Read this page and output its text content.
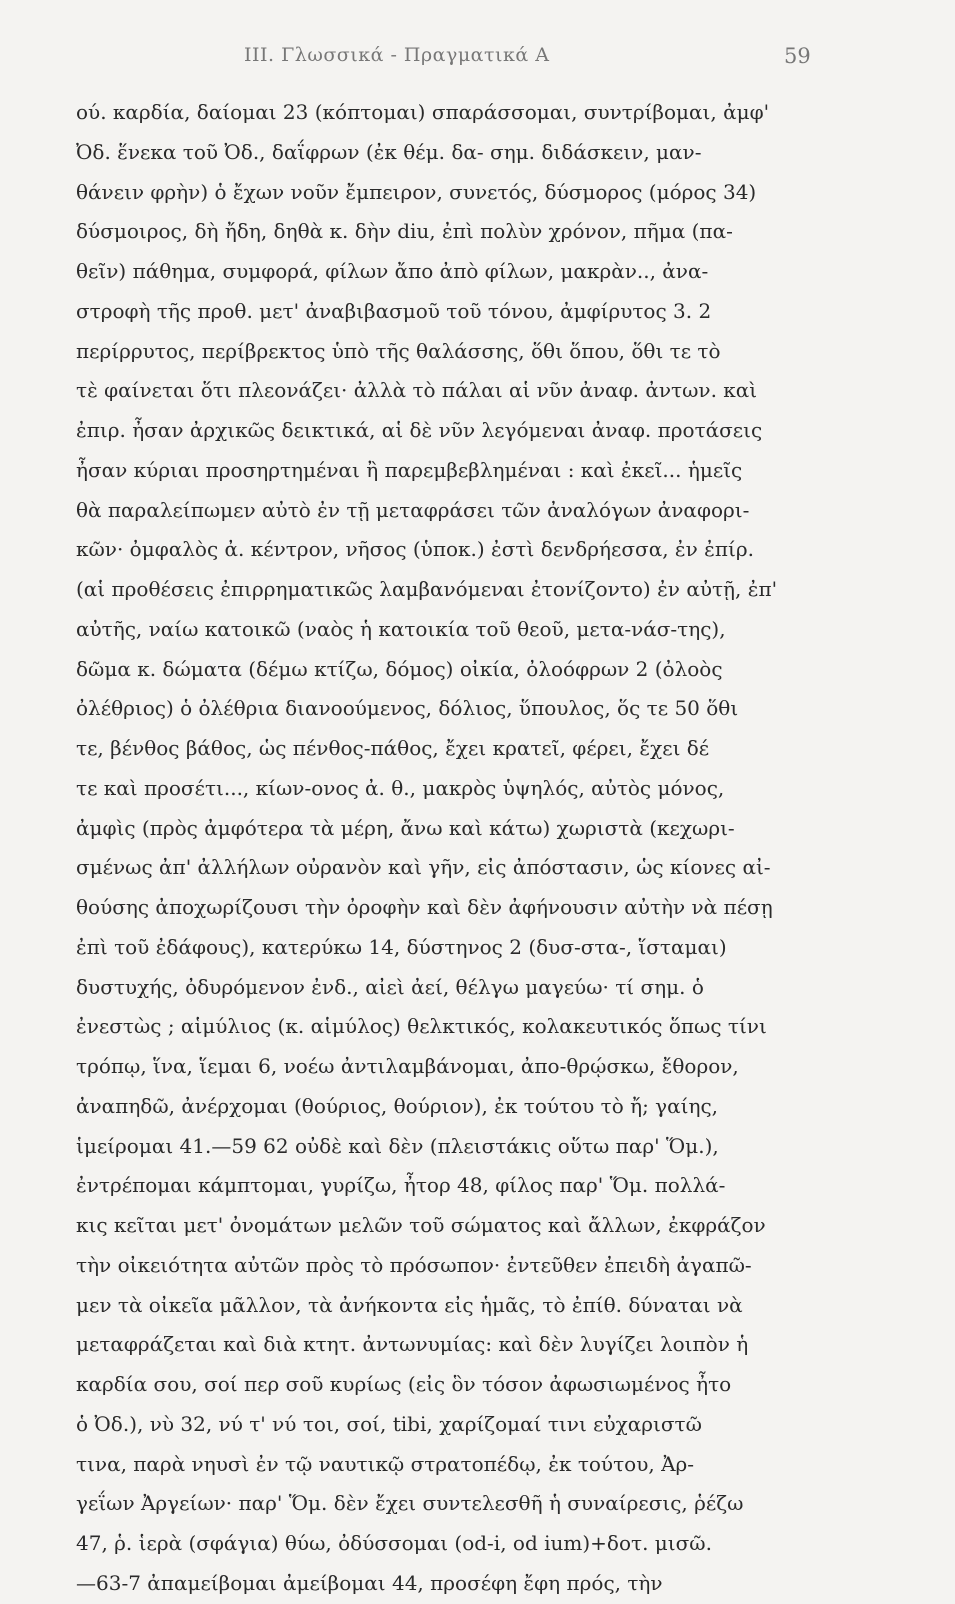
ΙΙΙ. Γλωσσικά - Πραγματικά Α	59
ού. καρδία, δαίομαι 23 (κόπτομαι) σπαράσσομαι, συντρίβομαι, ἀμφ'
Ὀδ. ἕνεκα τοῦ Ὀδ., δαΐφρων (ἐκ θέμ. δα- σημ. διδάσκειν, μαν-
θάνειν φρὴν) ὁ ἔχων νοῦν ἔμπειρον, συνετός, δύσμορος (μόρος 34)
δύσμοιρος, δὴ ἤδη, δηθὰ κ. δὴν diu, ἐπὶ πολὺν χρόνον, πῆμα (πα-
θεῖν) πάθημα, συμφορά, φίλων ἄπο ἀπὸ φίλων, μακρὰν.., ἀνα-
στροφὴ τῆς προθ. μετ' ἀναβιβασμοῦ τοῦ τόνου, ἀμφίρυτος 3. 2
περίρρυτος, περίβρεκτος ὑπὸ τῆς θαλάσσης, ὅθι ὅπου, ὅθι τε τὸ
τὲ φαίνεται ὅτι πλεονάζει· ἀλλὰ τὸ πάλαι αἱ νῦν ἀναφ. ἀντων. καὶ
ἐπιρ. ἦσαν ἀρχικῶς δεικτικά, αἱ δὲ νῦν λεγόμεναι ἀναφ. προτάσεις
ἦσαν κύριαι προσηρτημέναι ἢ παρεμβεβλημέναι : καὶ ἐκεῖ... ἡμεῖς
θὰ παραλείπωμεν αὐτὸ ἐν τῇ μεταφράσει τῶν ἀναλόγων ἀναφορι-
κῶν· ὀμφαλὸς ἀ. κέντρον, νῆσος (ὑποκ.) ἐστὶ δενδρήεσσα, ἐν ἐπίρ.
(αἱ προθέσεις ἐπιρρηματικῶς λαμβανόμεναι ἐτονίζοντο) ἐν αὐτῇ, ἐπ'
αὐτῆς, ναίω κατοικῶ (ναὸς ἡ κατοικία τοῦ θεοῦ, μετα-νάσ-της),
δῶμα κ. δώματα (δέμω κτίζω, δόμος) οἰκία, ὀλοόφρων 2 (ὀλοὸς
ὀλέθριος) ὁ ὀλέθρια διανοούμενος, δόλιος, ὕπουλος, ὅς τε 50 ὅθι
τε, βένθος βάθος, ὡς πένθος-πάθος, ἔχει κρατεῖ, φέρει, ἔχει δέ
τε καὶ προσέτι..., κίων-ονος ἀ. θ., μακρὸς ὑψηλός, αὐτὸς μόνος,
ἀμφὶς (πρὸς ἀμφότερα τὰ μέρη, ἄνω καὶ κάτω) χωριστὰ (κεχωρι-
σμένως ἀπ' ἀλλήλων οὐρανὸν καὶ γῆν, εἰς ἀπόστασιν, ὡς κίονες αἰ-
θούσης ἀποχωρίζουσι τὴν ὀροφὴν καὶ δὲν ἀφήνουσιν αὐτὴν νὰ πέσῃ
ἐπὶ τοῦ ἐδάφους), κατερύκω 14, δύστηνος 2 (δυσ-στα-, ἵσταμαι)
δυστυχής, ὀδυρόμενον ἐνδ., αἰεὶ ἀεί, θέλγω μαγεύω· τί σημ. ὁ
ἐνεστὼς ; αἱμύλιος (κ. αἱμύλος) θελκτικός, κολακευτικός ὅπως τίνι
τρόπῳ, ἵνα, ἵεμαι 6, νοέω ἀντιλαμβάνομαι, ἀπο-θρῴσκω, ἔθορον,
ἀναπηδῶ, ἀνέρχομαι (θούριος, θούριον), ἐκ τούτου τὸ ἤ; γαίης,
ἱμείρομαι 41.—59 62 οὐδὲ καὶ δὲν (πλειστάκις οὕτω παρ' Ὅμ.),
ἐντρέπομαι κάμπτομαι, γυρίζω, ἦτορ 48, φίλος παρ' Ὅμ. πολλά-
κις κεῖται μετ' ὀνομάτων μελῶν τοῦ σώματος καὶ ἄλλων, ἐκφράζον
τὴν οἰκειότητα αὐτῶν πρὸς τὸ πρόσωπον· ἐντεῦθεν ἐπειδὴ ἀγαπῶ-
μεν τὰ οἰκεῖα μᾶλλον, τὰ ἀνήκοντα εἰς ἡμᾶς, τὸ ἐπίθ. δύναται νὰ
μεταφράζεται καὶ διὰ κτητ. ἀντωνυμίας: καὶ δὲν λυγίζει λοιπὸν ἡ
καρδία σου, σοί περ σοῦ κυρίως (εἰς ὃν τόσον ἀφωσιωμένος ἦτο
ὁ Ὀδ.), νὺ 32, νύ τ' νύ τοι, σοί, tibi, χαρίζομαί τινι εὐχαριστῶ
τινα, παρὰ νηυσὶ ἐν τῷ ναυτικῷ στρατοπέδῳ, ἐκ τούτου, Ἀρ-
γεΐων Ἀργείων· παρ' Ὅμ. δὲν ἔχει συντελεσθῆ ἡ συναίρεσις, ῥέζω
47, ῥ. ἱερὰ (σφάγια) θύω, ὀδύσσομαι (od-i, od ium)+δοτ. μισῶ.
—63-7 ἀπαμείβομαι ἀμείβομαι 44, προσέφη ἔφη πρός, τὴν
